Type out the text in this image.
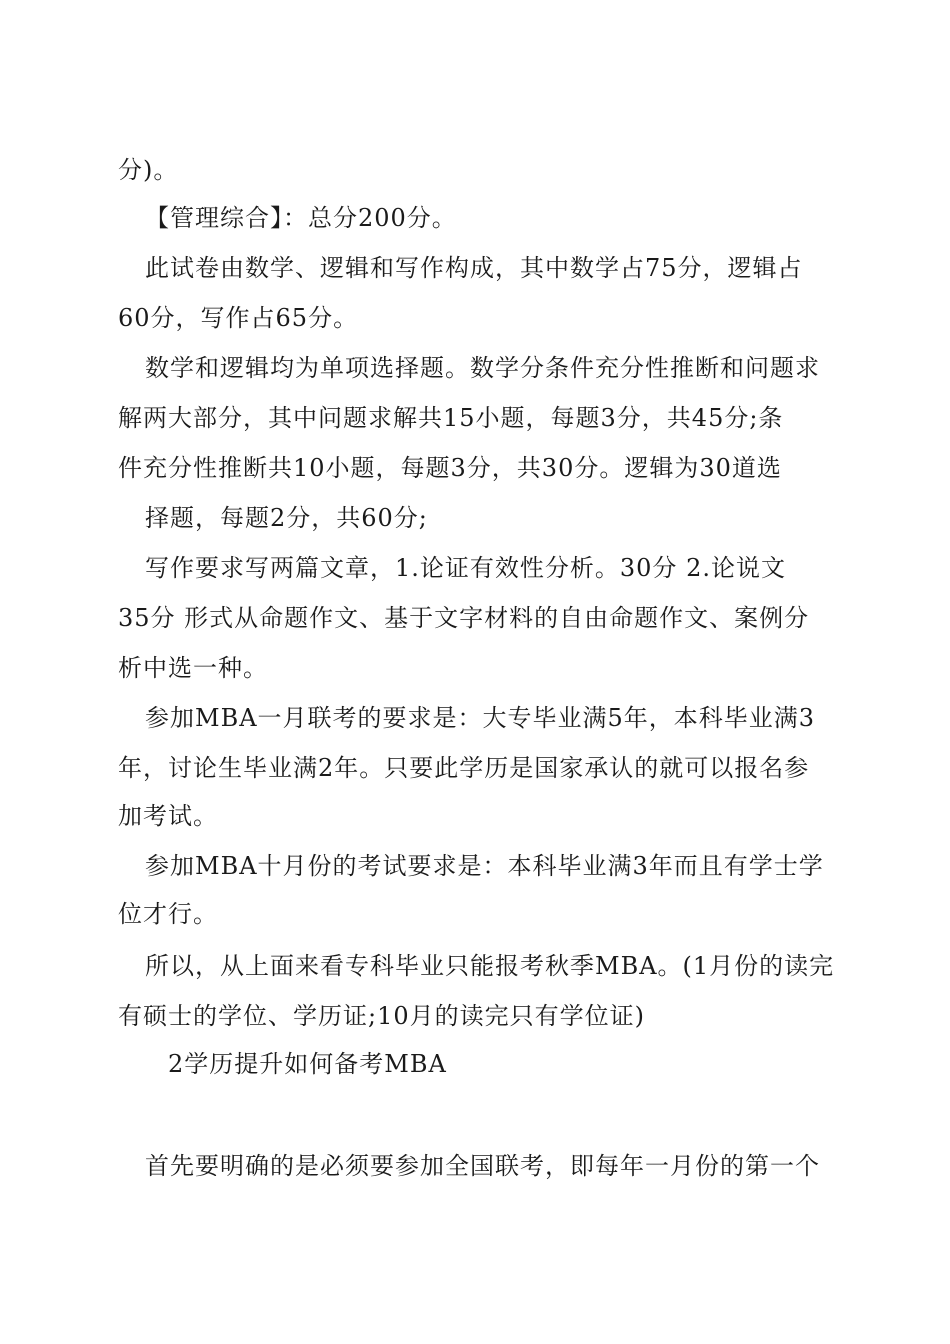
分)。
【管理综合】：总分200分。
此试卷由数学、逻辑和写作构成，其中数学占75分，逻辑占
60分，写作占65分。
数学和逻辑均为单项选择题。数学分条件充分性推断和问题求
解两大部分，其中问题求解共15小题，每题3分，共45分;条
件充分性推断共10小题，每题3分，共30分。逻辑为30道选
择题，每题2分，共60分;
写作要求写两篇文章，1.论证有效性分析。30分 2.论说文
35分 形式从命题作文、基于文字材料的自由命题作文、案例分
析中选一种。
参加MBA一月联考的要求是：大专毕业满5年，本科毕业满3
年，讨论生毕业满2年。只要此学历是国家承认的就可以报名参
加考试。
参加MBA十月份的考试要求是：本科毕业满3年而且有学士学
位才行。
所以，从上面来看专科毕业只能报考秋季MBA。(1月份的读完
有硕士的学位、学历证;10月的读完只有学位证)
2学历提升如何备考MBA
首先要明确的是必须要参加全国联考，即每年一月份的第一个
